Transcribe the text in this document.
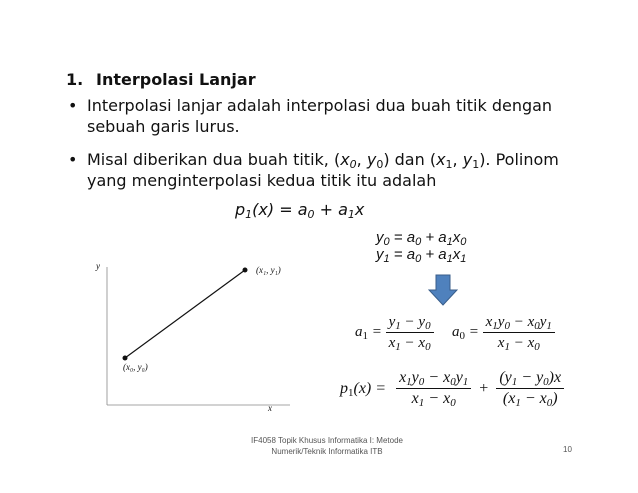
1. Interpolasi Lanjar
• Interpolasi lanjar adalah interpolasi dua buah titik dengan
sebuah garis lurus.
• Misal diberikan dua buah titik, ($x_0$, $y_0$) dan ($x_1$, $y_1$). Polinom
yang menginterpolasi kedua titik itu adalah
$p_1(x) = a_0 + a_1x$
$y_0 = a_0 + a_1x_0$
$y_1 = a_0 + a_1x_1$
y
x
(x₁, y₁)
(x₀, y₀)
$a_1 = \frac{y_1 - y_0}{x_1 - x_0} a_0 = \frac{x_1y_0 - x_0y_1}{x_1 - x_0}$
$p_1(x) = \frac{x_1y_0 - x_0y_1}{x_1 - x_0} + \frac{(y_1 - y_0)x}{(x_1 - x_0)}$
IF4058 Topik Khusus Informatika I: Metode
Numerik/Teknik Informatika ITB	10
